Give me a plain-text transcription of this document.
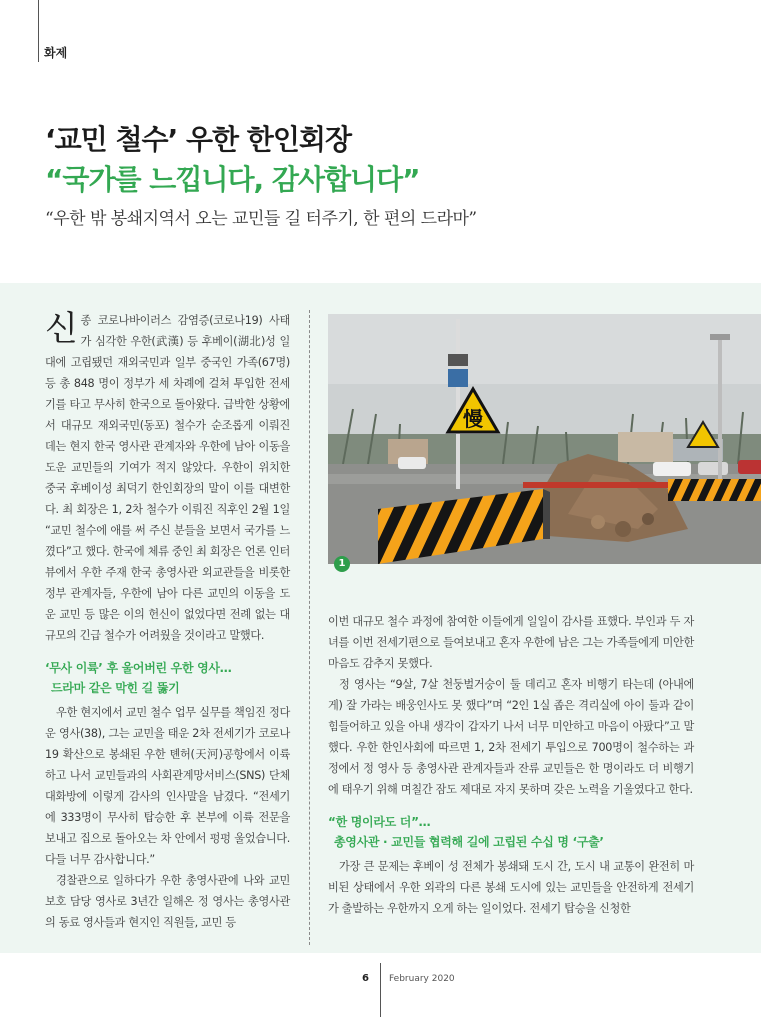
화제
‘교민 철수’ 우한 한인회장
“국가를 느낍니다, 감사합니다”
“우한 밖 봉쇄지역서 오는 교민들 길 터주기, 한 편의 드라마”

신 종 코로나바이러스 감염증(코로나19) 사태가 심각한 우한(武漢) 등 후베이(湖北)성 일대에 고립됐던 재외국민과 일부 중국인 가족(67명) 등 총 848 명이 정부가 세 차례에 걸쳐 투입한 전세기를 타고 무사히 한국으로 돌아왔다. 급박한 상황에서 대규모 재외국민(동포) 철수가 순조롭게 이뤄진 데는 현지 한국 영사관 관계자와 우한에 남아 이동을 도운 교민들의 기여가 적지 않았다. 우한이 위치한 중국 후베이성 최덕기 한인회장의 말이 이를 대변한다. 최 회장은 1, 2차 철수가 이뤄진 직후인 2월 1일 “교민 철수에 애를 써 주신 분들을 보면서 국가를 느꼈다”고 했다. 한국에 체류 중인 최 회장은 언론 인터뷰에서 우한 주재 한국 총영사관 외교관들을 비롯한 정부 관계자들, 우한에 남아 다른 교민의 이동을 도운 교민 등 많은 이의 헌신이 없었다면 전례 없는 대규모의 긴급 철수가 어려웠을 것이라고 말했다.

‘무사 이륙’ 후 울어버린 우한 영사…
드라마 같은 막힌 길 뚫기

우한 현지에서 교민 철수 업무 실무를 책임진 정다운 영사(38), 그는 교민을 태운 2차 전세기가 코로나19 확산으로 봉쇄된 우한 톈허(天河)공항에서 이륙하고 나서 교민들과의 사회관계망서비스(SNS) 단체 대화방에 이렇게 감사의 인사말을 남겼다. “전세기에 333명이 무사히 탑승한 후 본부에 이륙 전문을 보내고 집으로 돌아오는 차 안에서 펑펑 울었습니다. 다들 너무 감사합니다.”

경찰관으로 일하다가 우한 총영사관에 나와 교민 보호 담당 영사로 3년간 일해온 정 영사는 총영사관의 동료 영사들과 현지인 직원들, 교민 등

慢
1

이번 대규모 철수 과정에 참여한 이들에게 일일이 감사를 표했다. 부인과 두 자녀를 이번 전세기편으로 들여보내고 혼자 우한에 남은 그는 가족들에게 미안한 마음도 감추지 못했다.

정 영사는 “9살, 7살 천둥벌거숭이 둘 데리고 혼자 비행기 타는데 (아내에게) 잘 가라는 배웅인사도 못 했다”며 “2인 1실 좁은 격리실에 아이 둘과 같이 힘들어하고 있을 아내 생각이 갑자기 나서 너무 미안하고 마음이 아팠다”고 말했다. 우한 한인사회에 따르면 1, 2차 전세기 투입으로 700명이 철수하는 과정에서 정 영사 등 총영사관 관계자들과 잔류 교민들은 한 명이라도 더 비행기에 태우기 위해 며칠간 잠도 제대로 자지 못하며 갖은 노력을 기울였다고 한다.

“한 명이라도 더”…
총영사관 · 교민들 협력해 길에 고립된 수십 명 ‘구출’

가장 큰 문제는 후베이 성 전체가 봉쇄돼 도시 간, 도시 내 교통이 완전히 마비된 상태에서 우한 외곽의 다른 봉쇄 도시에 있는 교민들을 안전하게 전세기가 출발하는 우한까지 오게 하는 일이었다. 전세기 탑승을 신청한

6 February 2020
